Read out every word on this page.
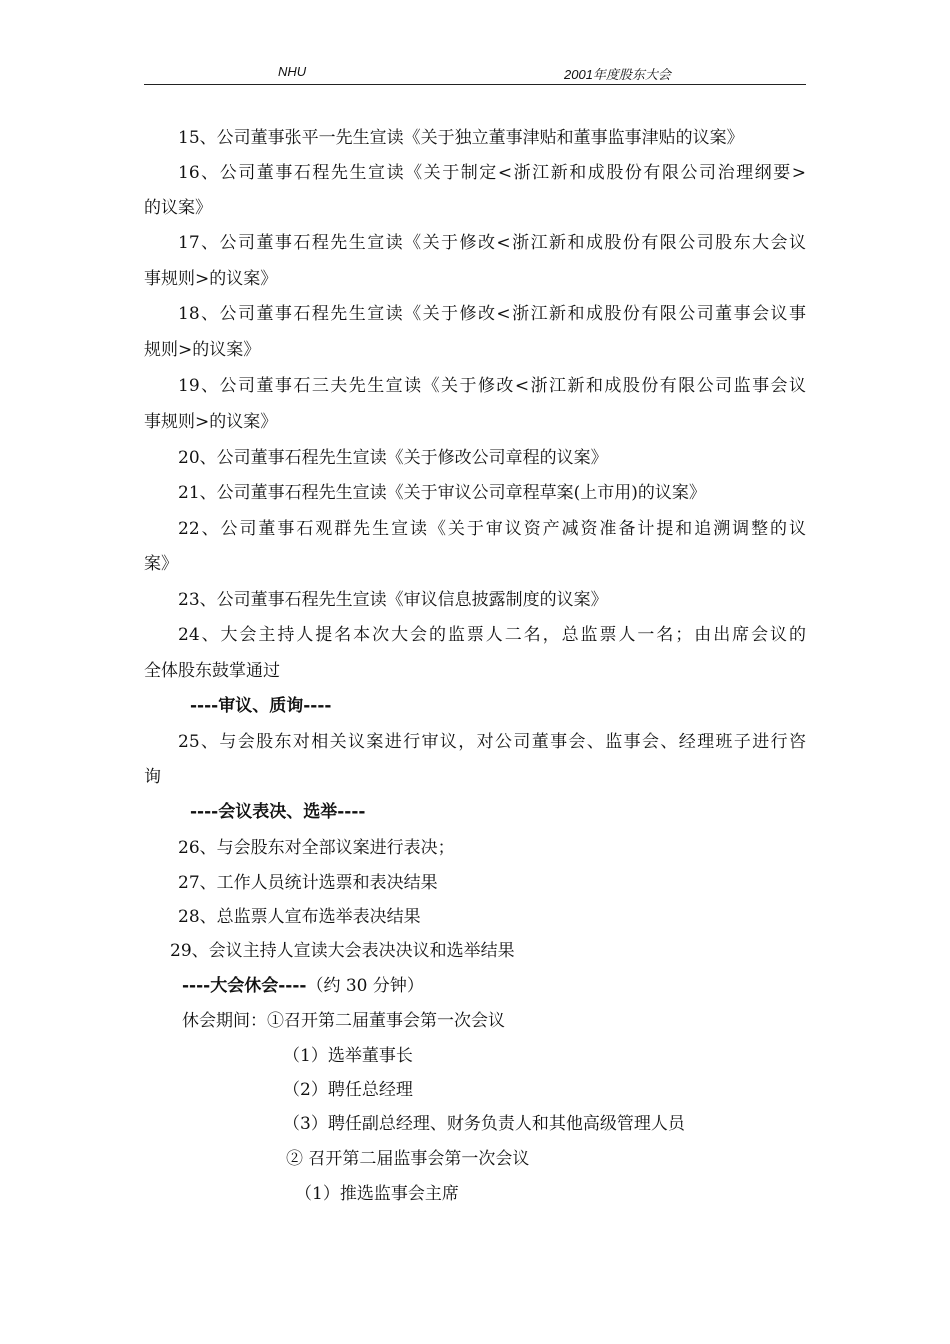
NHU	2001年度股东大会
15、公司董事张平一先生宣读《关于独立董事津贴和董事监事津贴的议案》
16、公司董事石程先生宣读《关于制定<浙江新和成股份有限公司治理纲要>
的议案》
17、公司董事石程先生宣读《关于修改<浙江新和成股份有限公司股东大会议
事规则>的议案》
18、公司董事石程先生宣读《关于修改<浙江新和成股份有限公司董事会议事
规则>的议案》
19、公司董事石三夫先生宣读《关于修改<浙江新和成股份有限公司监事会议
事规则>的议案》
20、公司董事石程先生宣读《关于修改公司章程的议案》
21、公司董事石程先生宣读《关于审议公司章程草案(上市用)的议案》
22、公司董事石观群先生宣读《关于审议资产减资准备计提和追溯调整的议
案》
23、公司董事石程先生宣读《审议信息披露制度的议案》
24、大会主持人提名本次大会的监票人二名，总监票人一名；由出席会议的
全体股东鼓掌通过
----审议、质询----
25、与会股东对相关议案进行审议，对公司董事会、监事会、经理班子进行咨
询
----会议表决、选举----
26、与会股东对全部议案进行表决；
27、工作人员统计选票和表决结果
28、总监票人宣布选举表决结果
29、会议主持人宣读大会表决决议和选举结果
----大会休会----（约 30 分钟）
休会期间：①召开第二届董事会第一次会议
（1）选举董事长
（2）聘任总经理
（3）聘任副总经理、财务负责人和其他高级管理人员
② 召开第二届监事会第一次会议
（1）推选监事会主席
